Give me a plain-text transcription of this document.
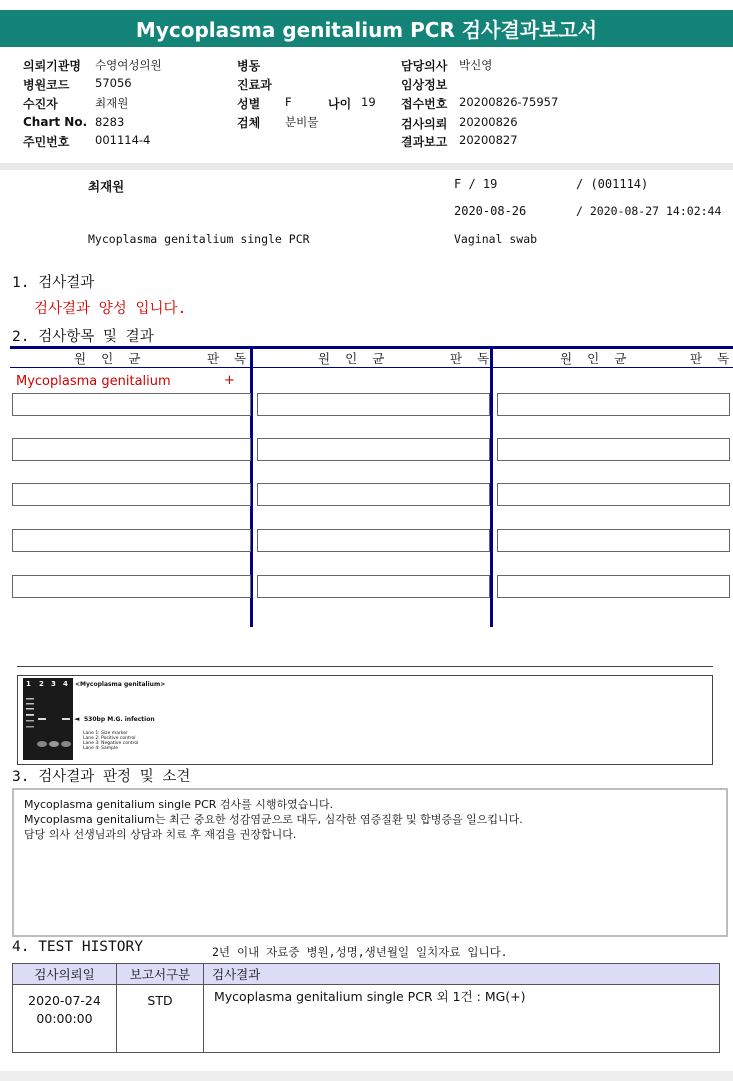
Mycoplasma genitalium PCR 검사결과보고서
의뢰기관명 수영여성의원
병원코드 57056
수진자	최재원
Chart No. 8283
주민번호 001114-4
병동
진료과
성별 F	나이 19
검체 분비물
담당의사 박신영
임상정보
접수번호 20200826-75957
검사의뢰 20200826
결과보고 20200827
최재원	F / 19	/ (001114)
2020-08-26	/ 2020-08-27 14:02:44
Mycoplasma genitalium single PCR	Vaginal swab
1. 검사결과
검사결과 양성 입니다.
2. 검사항목 및 결과
원  인  균	판  독	원  인  균	판  독	원  인  균	판  독
Mycoplasma genitalium	+
1 2 3 4 <Mycoplasma genitalium>
◄ 530bp M.G. infection
Lane 1: Size marker
Lane 2: Positive control
Lane 3: Negative control
Lane 4: Sample
3. 검사결과 판정 및 소견
Mycoplasma genitalium single PCR 검사를 시행하였습니다.
Mycoplasma genitalium는 최근 중요한 성감염균으로 대두, 심각한 염증질환 및 합병증을 일으킵니다.
담당 의사 선생님과의 상담과 치료 후 재검을 권장합니다.
4. TEST HISTORY	2년 이내 자료중 병원,성명,생년월일 일치자료 입니다.
검사의뢰일	보고서구분	검사결과

2020-07-24
00:00:00	STD	Mycoplasma genitalium single PCR 외 1건 : MG(+)
